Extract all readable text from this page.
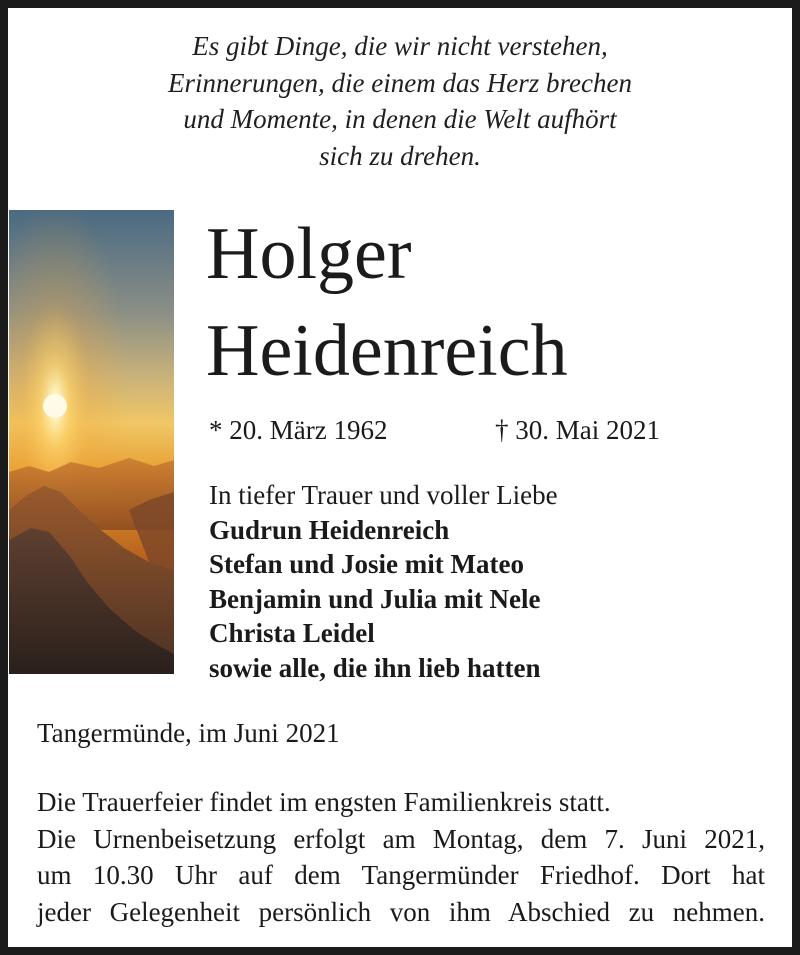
Es gibt Dinge, die wir nicht verstehen,
Erinnerungen, die einem das Herz brechen
und Momente, in denen die Welt aufhört
sich zu drehen.
Holger
Heidenreich
* 20. März 1962	† 30. Mai 2021
In tiefer Trauer und voller Liebe
Gudrun Heidenreich
Stefan und Josie mit Mateo
Benjamin und Julia mit Nele
Christa Leidel
sowie alle, die ihn lieb hatten
Tangermünde, im Juni 2021
Die Trauerfeier findet im engsten Familienkreis statt.
Die Urnenbeisetzung erfolgt am Montag, dem 7. Juni 2021,
um 10.30 Uhr auf dem Tangermünder Friedhof. Dort hat
jeder Gelegenheit persönlich von ihm Abschied zu nehmen.
